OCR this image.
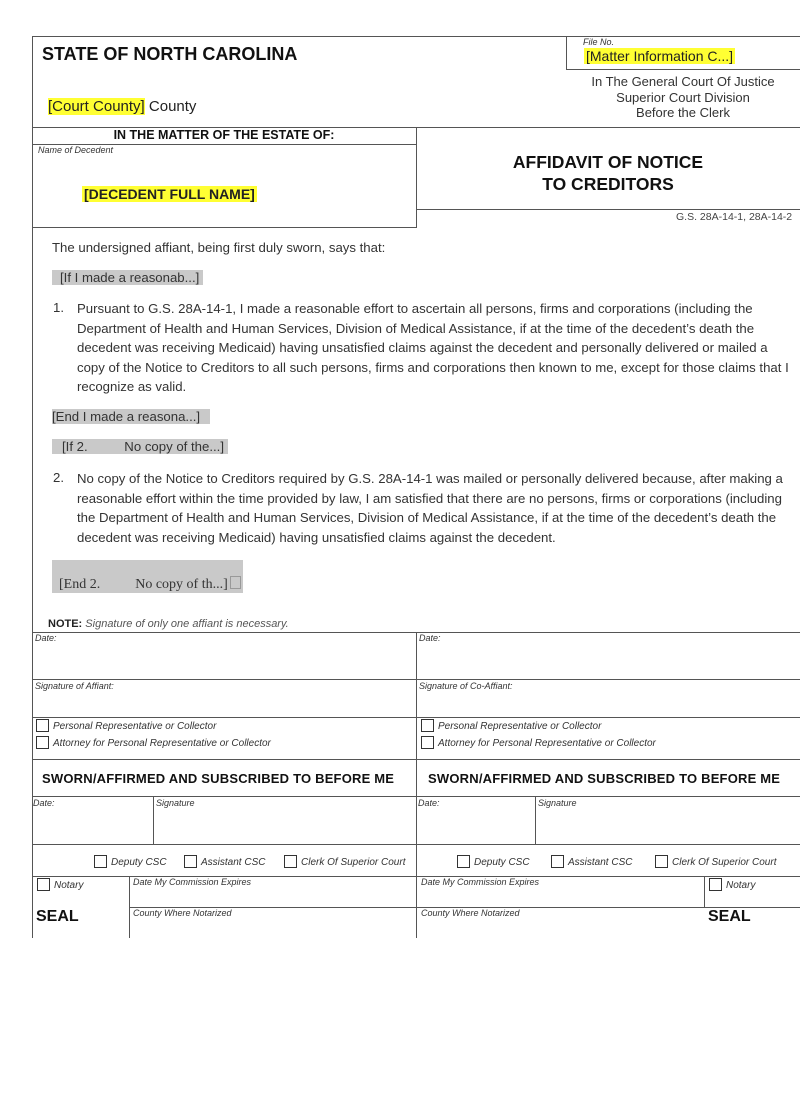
STATE OF NORTH CAROLINA
[Court County] County
File No.
[Matter Information C...]
In The General Court Of Justice
Superior Court Division
Before the Clerk
IN THE MATTER OF THE ESTATE OF:
Name of Decedent
[DECEDENT FULL NAME]
AFFIDAVIT OF NOTICE
TO CREDITORS
G.S. 28A-14-1, 28A-14-2
The undersigned affiant, being first duly sworn, says that:
[If I made a reasonab...]
1. Pursuant to G.S. 28A-14-1, I made a reasonable effort to ascertain all persons, firms and corporations (including the Department of Health and Human Services, Division of Medical Assistance, if at the time of the decedent’s death the decedent was receiving Medicaid) having unsatisfied claims against the decedent and personally delivered or mailed a copy of the Notice to Creditors to all such persons, firms and corporations then known to me, except for those claims that I recognize as valid.
[End I made a reasona...]
[If 2.          No copy of the...]
2. No copy of the Notice to Creditors required by G.S. 28A-14-1 was mailed or personally delivered because, after making a reasonable effort within the time provided by law, I am satisfied that there are no persons, firms or corporations (including the Department of Health and Human Services, Division of Medical Assistance, if at the time of the decedent’s death the decedent was receiving Medicaid) having unsatisfied claims against the decedent.

[End 2.          No copy of th...]

NOTE: Signature of only one affiant is necessary.
Date:	Date:
Signature of Affiant:	Signature of Co-Affiant:
Personal Representative or Collector
Attorney for Personal Representative or Collector
Personal Representative or Collector
Attorney for Personal Representative or Collector
SWORN/AFFIRMED AND SUBSCRIBED TO BEFORE ME	SWORN/AFFIRMED AND SUBSCRIBED TO BEFORE ME
Date:	Signature	Date:	Signature
Deputy CSC	Assistant CSC	Clerk Of Superior Court	Deputy CSC	Assistant CSC	Clerk Of Superior Court
Notary	Date My Commission Expires	Date My Commission Expires	Notary
County Where Notarized	County Where Notarized
SEAL	SEAL
